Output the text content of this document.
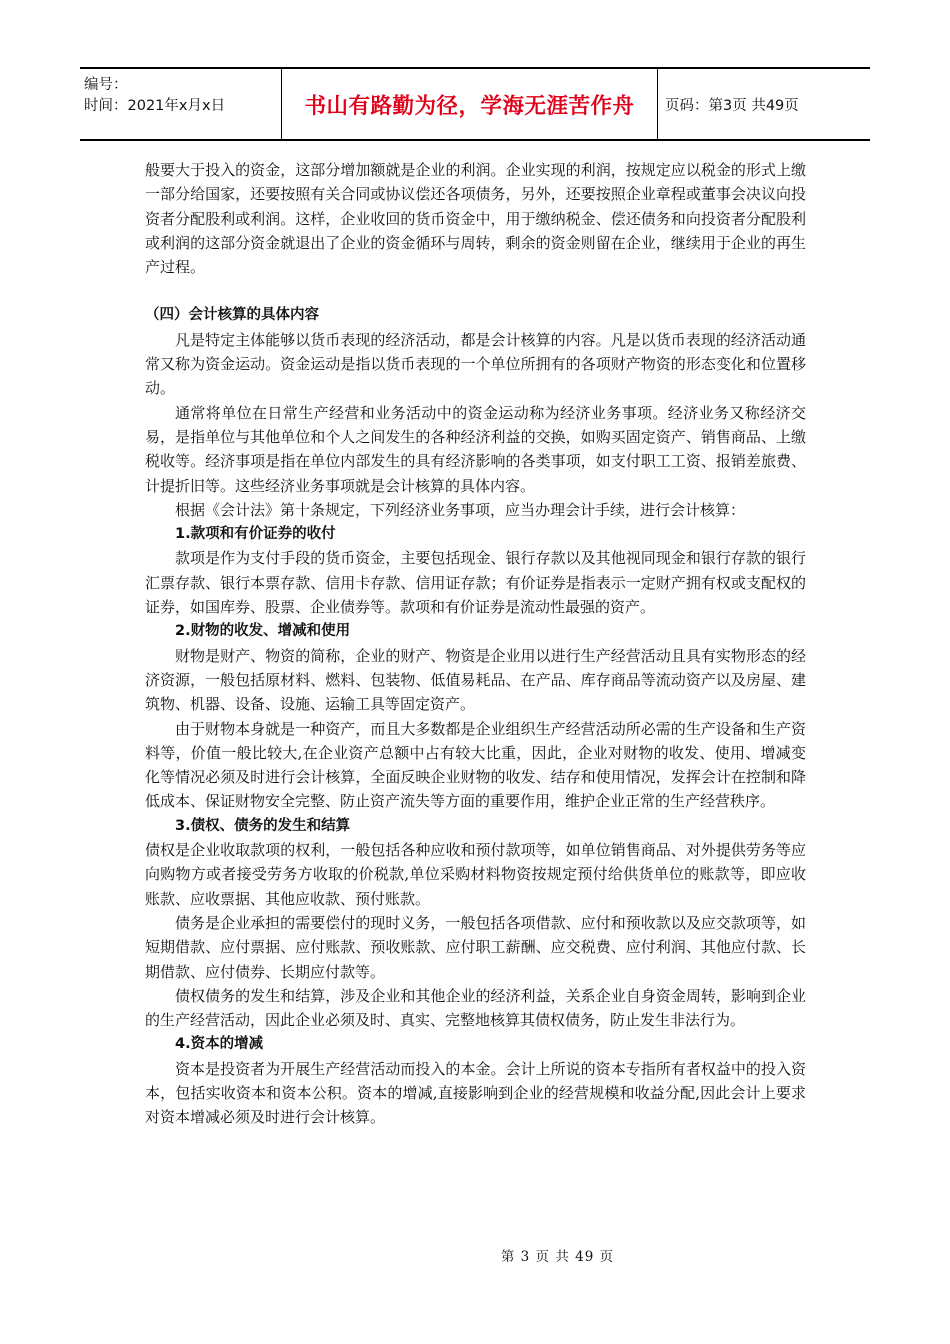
编号：
时间：2021年x月x日	书山有路勤为径，学海无涯苦作舟	页码：第3页 共49页

般要大于投入的资金，这部分增加额就是企业的利润。企业实现的利润，按规定应以税金的形式上缴一部分给国家，还要按照有关合同或协议偿还各项债务，另外，还要按照企业章程或董事会决议向投资者分配股利或利润。这样，企业收回的货币资金中，用于缴纳税金、偿还债务和向投资者分配股利或利润的这部分资金就退出了企业的资金循环与周转，剩余的资金则留在企业，继续用于企业的再生产过程。

（四）会计核算的具体内容

凡是特定主体能够以货币表现的经济活动，都是会计核算的内容。凡是以货币表现的经济活动通常又称为资金运动。资金运动是指以货币表现的一个单位所拥有的各项财产物资的形态变化和位置移动。

通常将单位在日常生产经营和业务活动中的资金运动称为经济业务事项。经济业务又称经济交易，是指单位与其他单位和个人之间发生的各种经济利益的交换，如购买固定资产、销售商品、上缴税收等。经济事项是指在单位内部发生的具有经济影响的各类事项，如支付职工工资、报销差旅费、计提折旧等。这些经济业务事项就是会计核算的具体内容。

根据《会计法》第十条规定，下列经济业务事项，应当办理会计手续，进行会计核算：

1.款项和有价证券的收付

款项是作为支付手段的货币资金，主要包括现金、银行存款以及其他视同现金和银行存款的银行汇票存款、银行本票存款、信用卡存款、信用证存款；有价证券是指表示一定财产拥有权或支配权的证券，如国库券、股票、企业债券等。款项和有价证券是流动性最强的资产。

2.财物的收发、增减和使用

财物是财产、物资的简称，企业的财产、物资是企业用以进行生产经营活动且具有实物形态的经济资源，一般包括原材料、燃料、包装物、低值易耗品、在产品、库存商品等流动资产以及房屋、建筑物、机器、设备、设施、运输工具等固定资产。

由于财物本身就是一种资产，而且大多数都是企业组织生产经营活动所必需的生产设备和生产资料等，价值一般比较大,在企业资产总额中占有较大比重，因此，企业对财物的收发、使用、增减变化等情况必须及时进行会计核算，全面反映企业财物的收发、结存和使用情况，发挥会计在控制和降低成本、保证财物安全完整、防止资产流失等方面的重要作用，维护企业正常的生产经营秩序。

3.债权、债务的发生和结算

债权是企业收取款项的权利，一般包括各种应收和预付款项等，如单位销售商品、对外提供劳务等应向购物方或者接受劳务方收取的价税款,单位采购材料物资按规定预付给供货单位的账款等，即应收账款、应收票据、其他应收款、预付账款。

债务是企业承担的需要偿付的现时义务，一般包括各项借款、应付和预收款以及应交款项等，如短期借款、应付票据、应付账款、预收账款、应付职工薪酬、应交税费、应付利润、其他应付款、长期借款、应付债券、长期应付款等。

债权债务的发生和结算，涉及企业和其他企业的经济利益，关系企业自身资金周转，影响到企业的生产经营活动，因此企业必须及时、真实、完整地核算其债权债务，防止发生非法行为。

4.资本的增减

资本是投资者为开展生产经营活动而投入的本金。会计上所说的资本专指所有者权益中的投入资本，包括实收资本和资本公积。资本的增减,直接影响到企业的经营规模和收益分配,因此会计上要求对资本增减必须及时进行会计核算。

第 3 页 共 49 页
